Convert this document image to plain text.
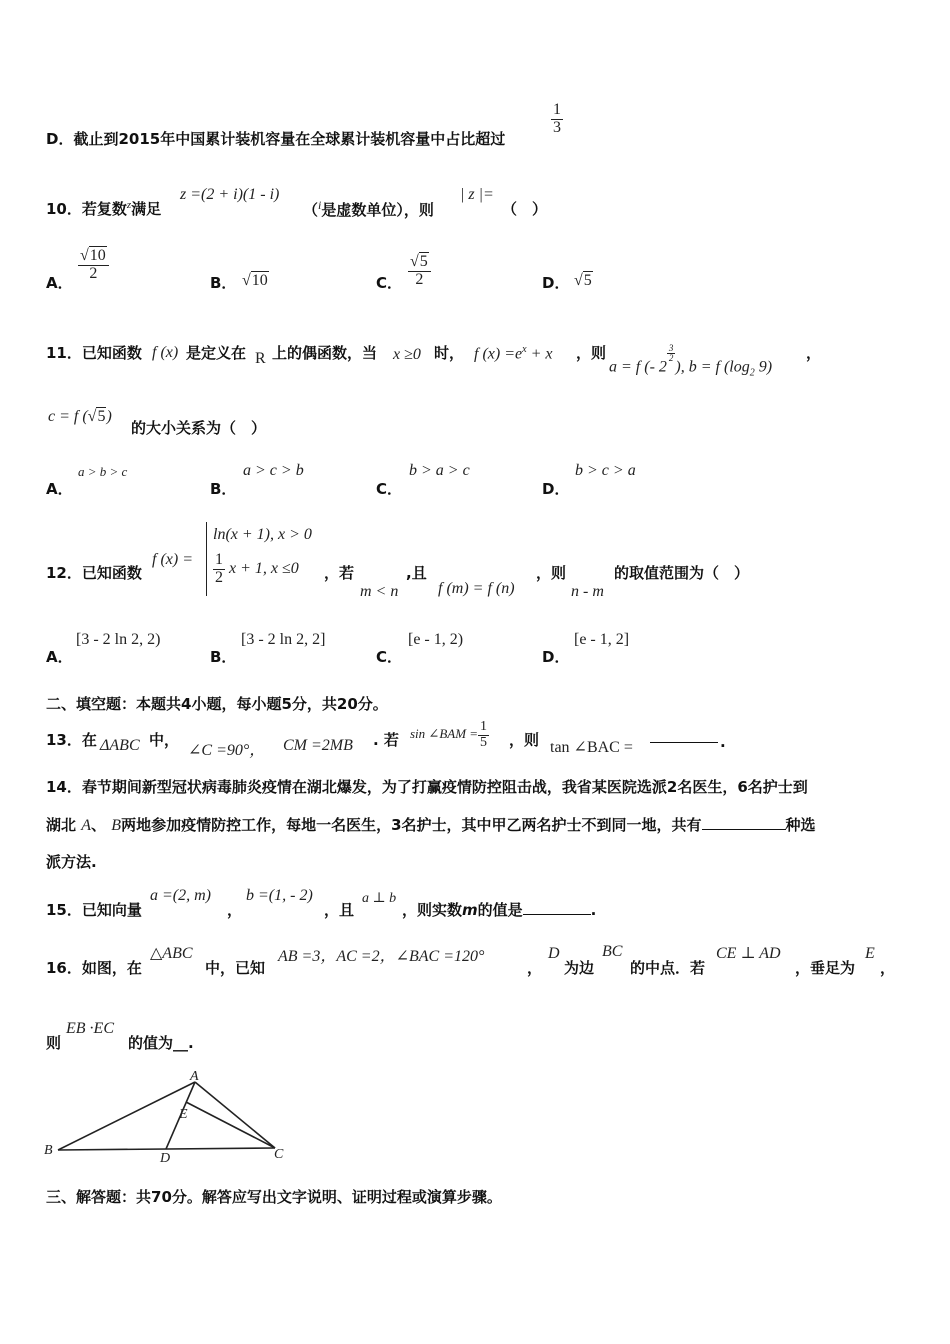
D．截止到2015年中国累计装机容量在全球累计装机容量中占比超过
$\frac{1}{3}$
10．若复数$^z$满足
z =(2 + i)(1 - i)
（$^i$是虚数单位），则
| z |=
（　）
A．
$\frac{√10}{2}$
B． √10	C． $\frac{√5}{2}$	D． √5
11．已知函数 f (x) 是定义在 R 上的偶函数，当 x ≥0 时， f $(x) =e^x + x$ ，则
a = f (- 2
$\frac{3}{2}$
), b = f ($\log_2$ 9)
，
c = f (√5)
的大小关系为（　）
A．
a > b > c
B．
a > c > b
C．
b > a > c
D．
b > c > a
12．已知函数
f (x) =
ln(x + 1), x > 0
$\frac{1}{2}$ x + 1, x ≤0	，若
m < n
,且
f (m) = f (n)
，则
n - m
的取值范围为（　）
A．
[3 - 2 ln 2, 2)
B．
[3 - 2 ln 2, 2]
C．
[e - 1, 2)
D．
[e - 1, 2]
二、填空题：本题共4小题，每小题5分，共20分。
13．在 ΔABC 中，
∠C =90°， CM =2MB . 若 sin ∠BAM = $\frac{1}{5}$ ，则 tan ∠BAC =	.
14．春节期间新型冠状病毒肺炎疫情在湖北爆发，为了打赢疫情防控阻击战，我省某医院选派2名医生，6名护士到
湖北 A、 B两地参加疫情防控工作，每地一名医生，3名护士，其中甲乙两名护士不到同一地，共有	种选
派方法.
15．已知向量
a =(2, m)
，
b =(1, - 2)
，且
a ⊥ b
，则实数m的值是	.
16．如图，在
△ABC
中，已知
AB =3，AC =2，∠BAC =120°
，
D
为边
BC
的中点．若
CE ⊥ AD
，垂足为
E
，
则
EB ·EC
的值为__.
A
B	C
D
E
三、解答题：共70分。解答应写出文字说明、证明过程或演算步骤。
